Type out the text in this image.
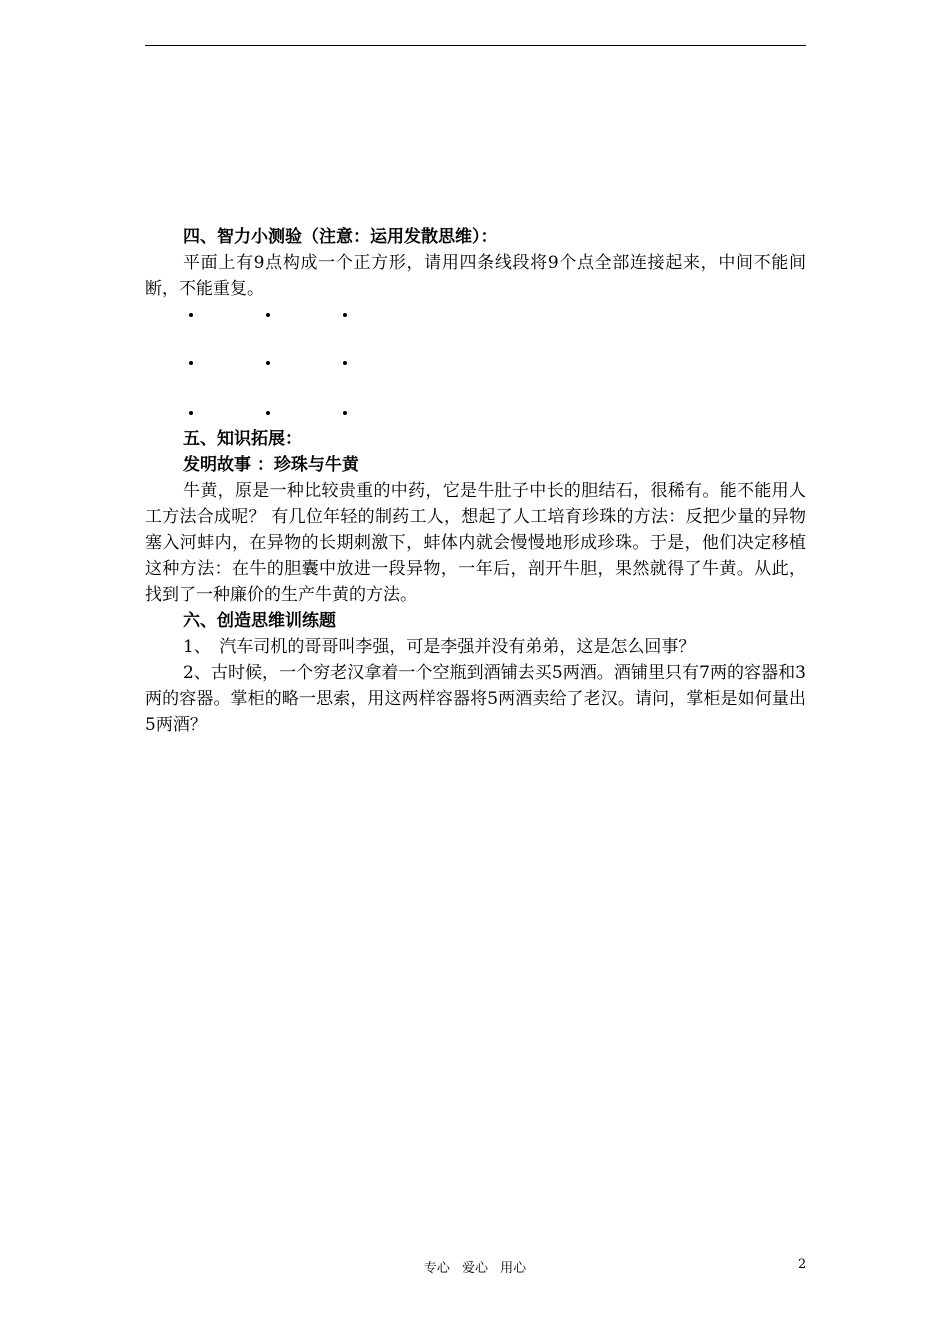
四、智力小测验（注意：运用发散思维）：

平面上有9点构成一个正方形，请用四条线段将9个点全部连接起来，中间不能间断，不能重复。

五、知识拓展：

发明故事 ：珍珠与牛黄

牛黄，原是一种比较贵重的中药，它是牛肚子中长的胆结石，很稀有。能不能用人工方法合成呢？ 有几位年轻的制药工人，想起了人工培育珍珠的方法：反把少量的异物塞入河蚌内，在异物的长期刺激下，蚌体内就会慢慢地形成珍珠。于是，他们决定移植这种方法：在牛的胆囊中放进一段异物，一年后，剖开牛胆，果然就得了牛黄。从此，找到了一种廉价的生产牛黄的方法。

六、创造思维训练题

1、　汽车司机的哥哥叫李强，可是李强并没有弟弟，这是怎么回事？

2、古时候，一个穷老汉拿着一个空瓶到酒铺去买5两酒。酒铺里只有7两的容器和3两的容器。掌柜的略一思索，用这两样容器将5两酒卖给了老汉。请问，掌柜是如何量出5两酒？

专心 爱心 用心	2
